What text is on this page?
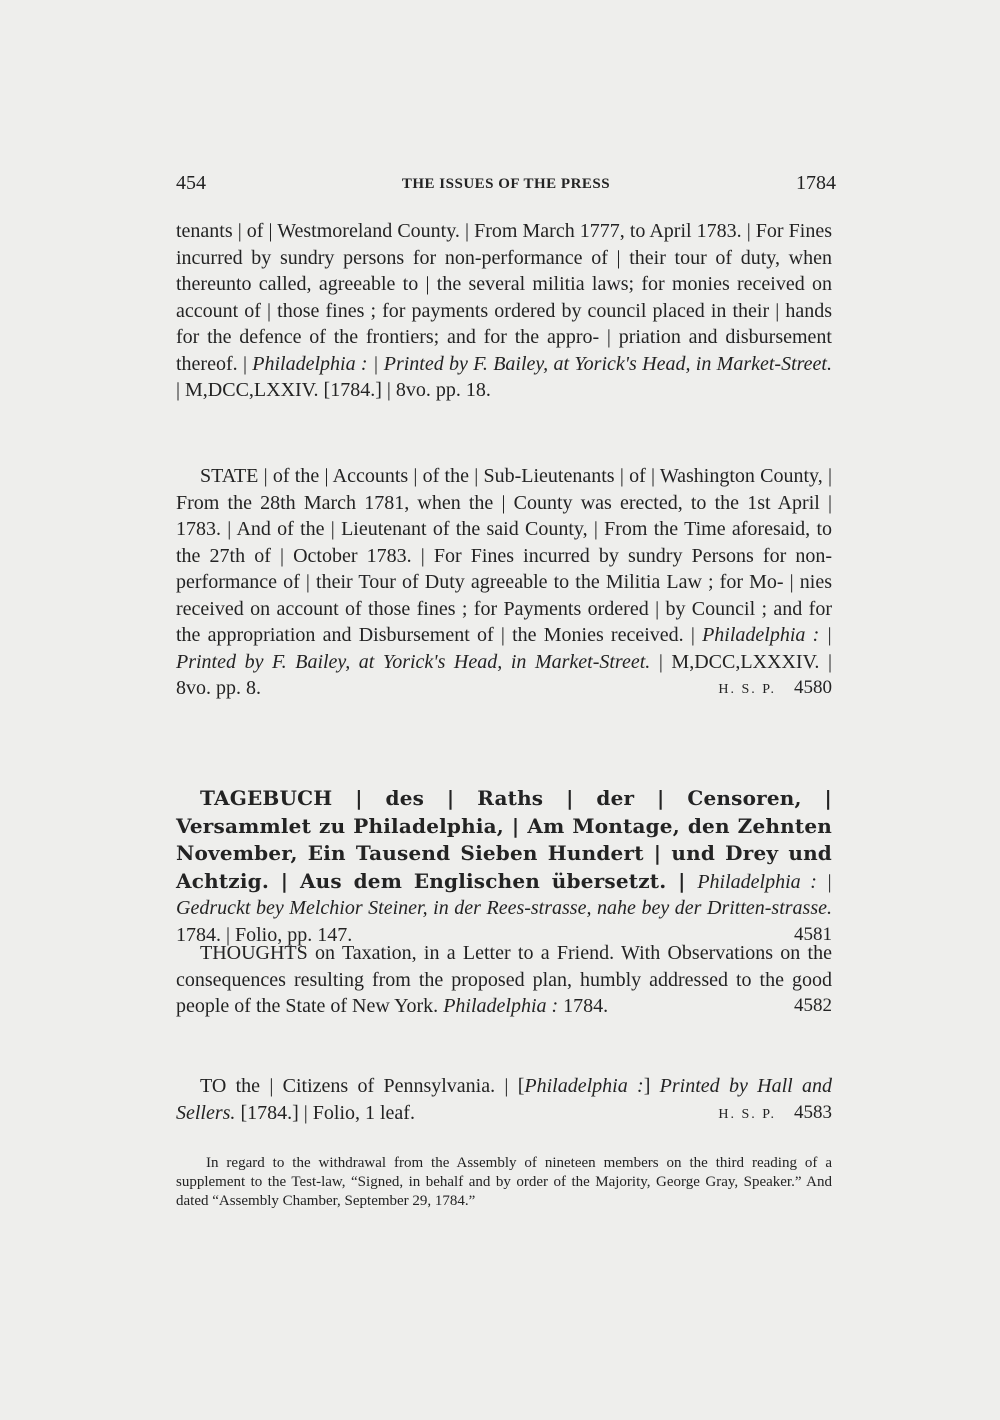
454	THE ISSUES OF THE PRESS	1784
tenants | of | Westmoreland County. | From March 1777, to April 1783. | For Fines incurred by sundry persons for non-performance of | their tour of duty, when thereunto called, agreeable to | the several militia laws; for monies received on account of | those fines ; for payments ordered by council placed in their | hands for the defence of the frontiers; and for the appro- | priation and disbursement thereof. | Philadelphia : | Printed by F. Bailey, at Yorick's Head, in Market-Street. | M,DCC,LXXIV. [1784.] | 8vo. pp. 18.
STATE | of the | Accounts | of the | Sub-Lieutenants | of | Washington County, | From the 28th March 1781, when the | County was erected, to the 1st April | 1783. | And of the | Lieutenant of the said County, | From the Time aforesaid, to the 27th of | October 1783. | For Fines incurred by sundry Persons for non-performance of | their Tour of Duty agreeable to the Militia Law ; for Mo- | nies received on account of those fines ; for Payments ordered | by Council ; and for the appropriation and Disbursement of | the Monies received. | Philadelphia : | Printed by F. Bailey, at Yorick's Head, in Market-Street. | M,DCC,LXXXIV. | 8vo. pp. 8.	H. S. P. 4580
TAGEBUCH | des | Raths | der | Censoren, | Versammlet zu Philadelphia, | Am Montage, den Zehnten November, Ein Tausend Sieben Hundert | und Drey und Achtzig. | Aus dem Englischen übersetzt. | Philadelphia : | Gedruckt bey Melchior Steiner, in der Rees-strasse, nahe bey der Dritten-strasse. 1784. | Folio, pp. 147.	4581
THOUGHTS on Taxation, in a Letter to a Friend. With Observations on the consequences resulting from the proposed plan, humbly addressed to the good people of the State of New York. Philadelphia : 1784.	4582
TO the | Citizens of Pennsylvania. | [Philadelphia :] Printed by Hall and Sellers. [1784.] | Folio, 1 leaf.	H. S. P. 4583
In regard to the withdrawal from the Assembly of nineteen members on the third reading of a supplement to the Test-law, “Signed, in behalf and by order of the Majority, George Gray, Speaker.” And dated “Assembly Chamber, September 29, 1784.”
